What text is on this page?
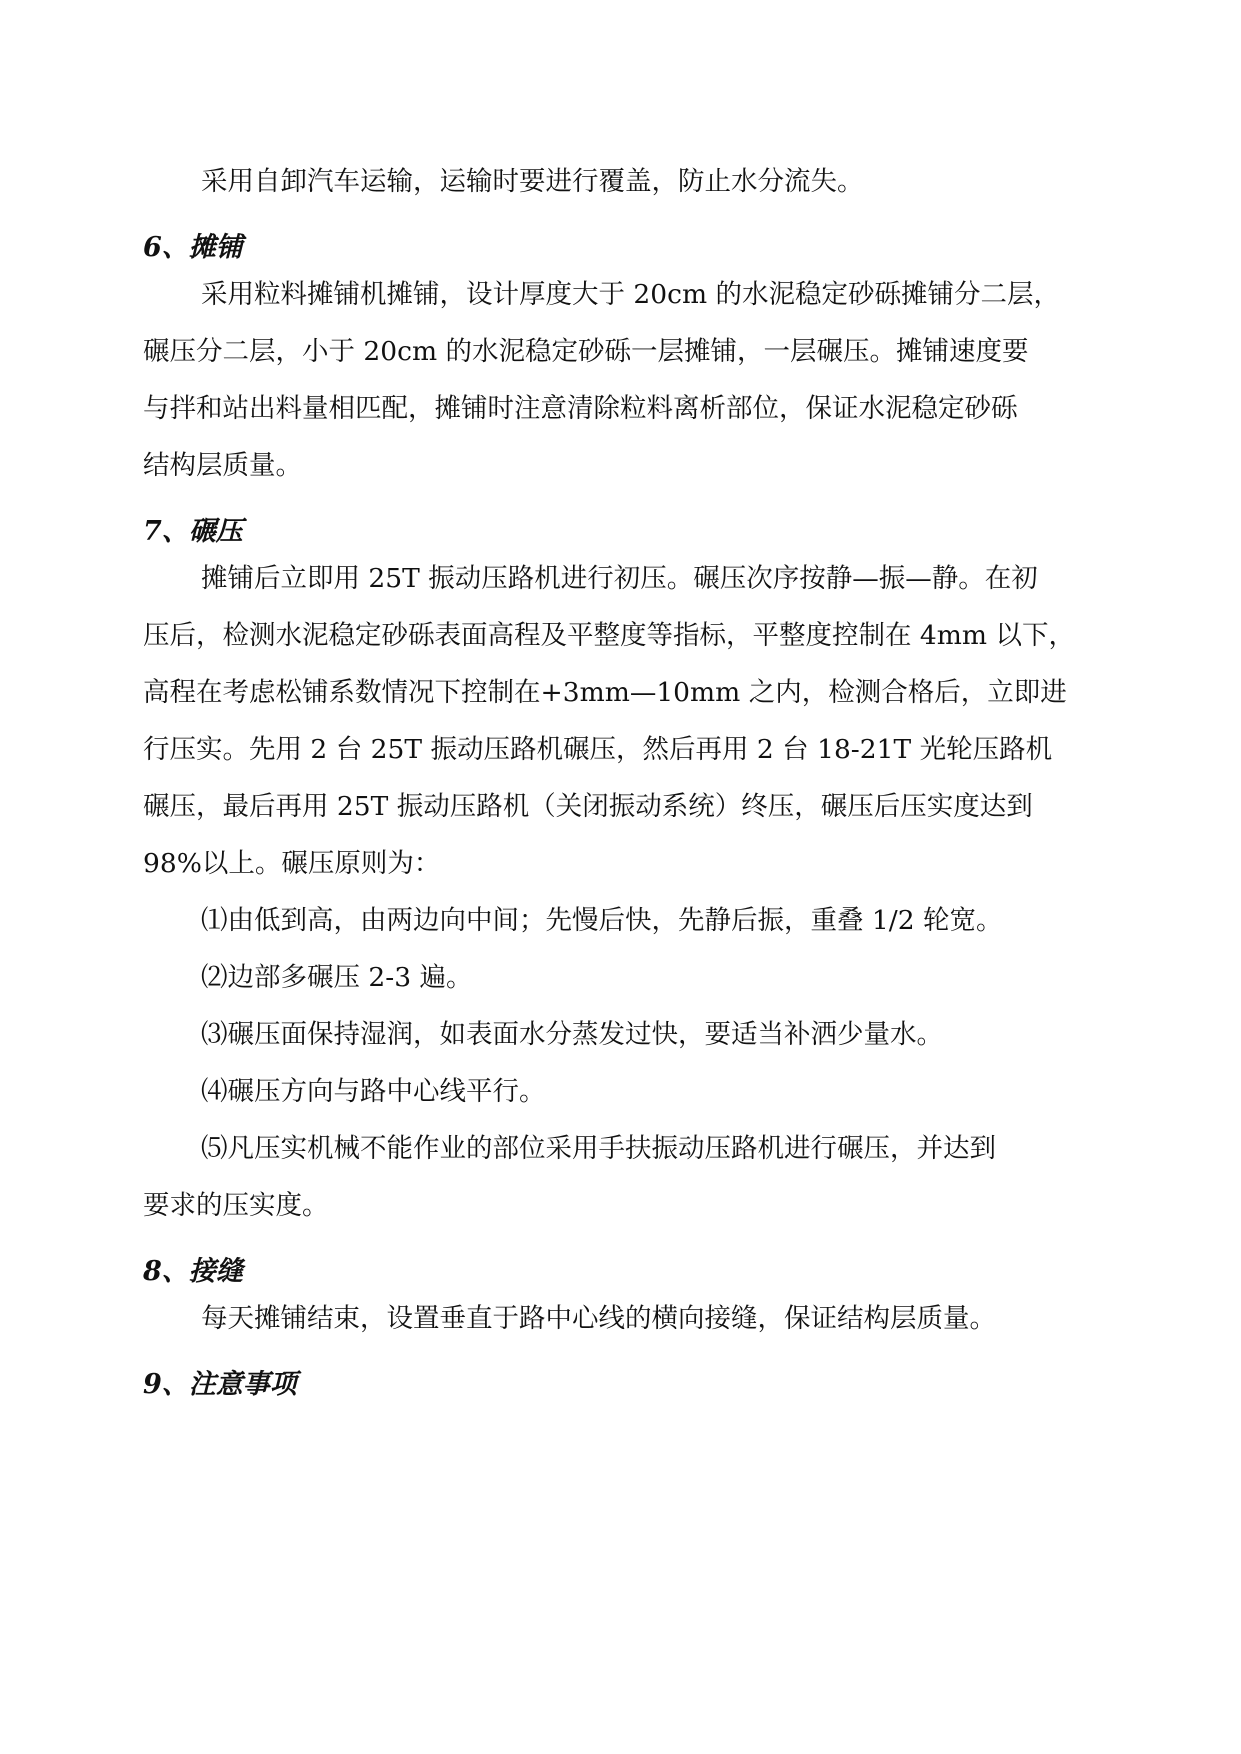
采用自卸汽车运输，运输时要进行覆盖，防止水分流失。
6、摊铺
采用粒料摊铺机摊铺，设计厚度大于 20cm 的水泥稳定砂砾摊铺分二层，
碾压分二层，小于 20cm 的水泥稳定砂砾一层摊铺，一层碾压。摊铺速度要
与拌和站出料量相匹配，摊铺时注意清除粒料离析部位，保证水泥稳定砂砾
结构层质量。
7、碾压
摊铺后立即用 25T 振动压路机进行初压。碾压次序按静—振—静。在初
压后，检测水泥稳定砂砾表面高程及平整度等指标，平整度控制在 4mm 以下，
高程在考虑松铺系数情况下控制在+3mm—10mm 之内，检测合格后，立即进
行压实。先用 2 台 25T 振动压路机碾压，然后再用 2 台 18-21T 光轮压路机
碾压，最后再用 25T 振动压路机（关闭振动系统）终压，碾压后压实度达到
98%以上。碾压原则为：
⑴由低到高，由两边向中间；先慢后快，先静后振，重叠 1/2 轮宽。
⑵边部多碾压 2-3 遍。
⑶碾压面保持湿润，如表面水分蒸发过快，要适当补洒少量水。
⑷碾压方向与路中心线平行。
⑸凡压实机械不能作业的部位采用手扶振动压路机进行碾压，并达到
要求的压实度。
8、接缝
每天摊铺结束，设置垂直于路中心线的横向接缝，保证结构层质量。
9、注意事项
